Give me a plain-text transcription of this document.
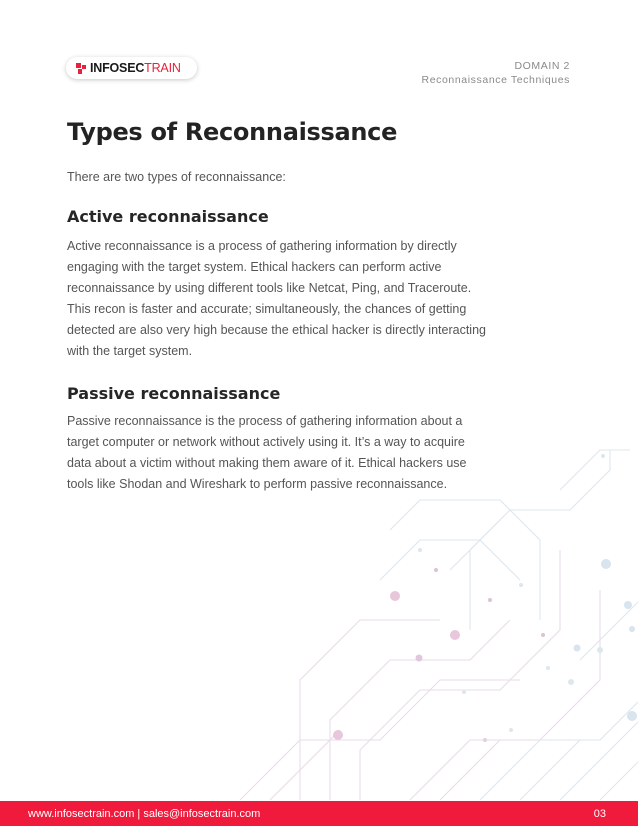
INFOSECTRAIN	DOMAIN 2
Reconnaissance Techniques
Types of Reconnaissance

There are two types of reconnaissance:

Active reconnaissance
Active reconnaissance is a process of gathering information by directly
engaging with the target system. Ethical hackers can perform active
reconnaissance by using different tools like Netcat, Ping, and Traceroute.
This recon is faster and accurate; simultaneously, the chances of getting
detected are also very high because the ethical hacker is directly interacting
with the target system.
Passive reconnaissance
Passive reconnaissance is the process of gathering information about a
target computer or network without actively using it. It’s a way to acquire
data about a victim without making them aware of it. Ethical hackers use
tools like Shodan and Wireshark to perform passive reconnaissance.
www.infosectrain.com | sales@infosectrain.com	03
